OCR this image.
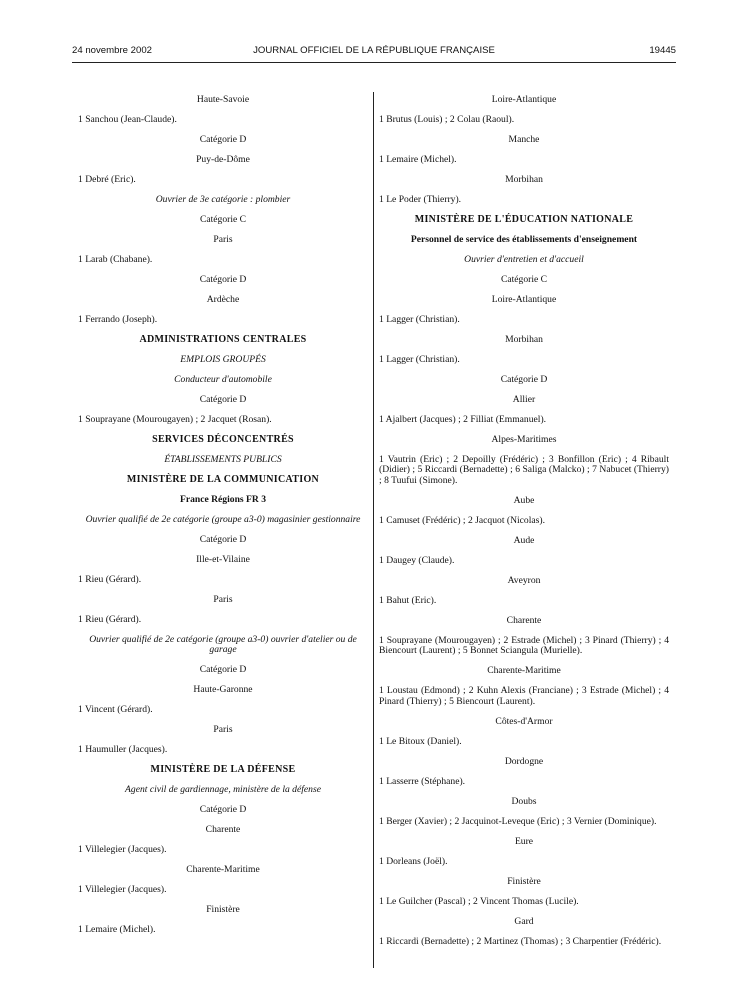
24 novembre 2002	JOURNAL OFFICIEL DE LA RÉPUBLIQUE FRANÇAISE	19445
Haute-Savoie
1 Sanchou (Jean-Claude).
Catégorie D
Puy-de-Dôme
1 Debré (Eric).
Ouvrier de 3e catégorie : plombier
Catégorie C
Paris
1 Larab (Chabane).
Catégorie D
Ardèche
1 Ferrando (Joseph).
ADMINISTRATIONS CENTRALES
EMPLOIS GROUPÉS
Conducteur d'automobile
Catégorie D
1 Souprayane (Mourougayen) ; 2 Jacquet (Rosan).
SERVICES DÉCONCENTRÉS
ÉTABLISSEMENTS PUBLICS
MINISTÈRE DE LA COMMUNICATION
France Régions FR 3
Ouvrier qualifié de 2e catégorie (groupe a3-0) magasinier gestionnaire
Catégorie D
Ille-et-Vilaine
1 Rieu (Gérard).
Paris
1 Rieu (Gérard).
Ouvrier qualifié de 2e catégorie (groupe a3-0) ouvrier d'atelier ou de garage
Catégorie D
Haute-Garonne
1 Vincent (Gérard).
Paris
1 Haumuller (Jacques).
MINISTÈRE DE LA DÉFENSE
Agent civil de gardiennage, ministère de la défense
Catégorie D
Charente
1 Villelegier (Jacques).
Charente-Maritime
1 Villelegier (Jacques).
Finistère
1 Lemaire (Michel).
Loire-Atlantique
1 Brutus (Louis) ; 2 Colau (Raoul).
Manche
1 Lemaire (Michel).
Morbihan
1 Le Poder (Thierry).
MINISTÈRE DE L'ÉDUCATION NATIONALE
Personnel de service des établissements d'enseignement
Ouvrier d'entretien et d'accueil
Catégorie C
Loire-Atlantique
1 Lagger (Christian).
Morbihan
1 Lagger (Christian).
Catégorie D
Allier
1 Ajalbert (Jacques) ; 2 Filliat (Emmanuel).
Alpes-Maritimes
1 Vautrin (Eric) ; 2 Depoilly (Frédéric) ; 3 Bonfillon (Eric) ; 4 Ribault (Didier) ; 5 Riccardi (Bernadette) ; 6 Saliga (Malcko) ; 7 Nabucet (Thierry) ; 8 Tuufui (Simone).
Aube
1 Camuset (Frédéric) ; 2 Jacquot (Nicolas).
Aude
1 Daugey (Claude).
Aveyron
1 Bahut (Eric).
Charente
1 Souprayane (Mourougayen) ; 2 Estrade (Michel) ; 3 Pinard (Thierry) ; 4 Biencourt (Laurent) ; 5 Bonnet Sciangula (Murielle).
Charente-Maritime
1 Loustau (Edmond) ; 2 Kuhn Alexis (Franciane) ; 3 Estrade (Michel) ; 4 Pinard (Thierry) ; 5 Biencourt (Laurent).
Côtes-d'Armor
1 Le Bitoux (Daniel).
Dordogne
1 Lasserre (Stéphane).
Doubs
1 Berger (Xavier) ; 2 Jacquinot-Leveque (Eric) ; 3 Vernier (Dominique).
Eure
1 Dorleans (Joël).
Finistère
1 Le Guilcher (Pascal) ; 2 Vincent Thomas (Lucile).
Gard
1 Riccardi (Bernadette) ; 2 Martinez (Thomas) ; 3 Charpentier (Frédéric).
